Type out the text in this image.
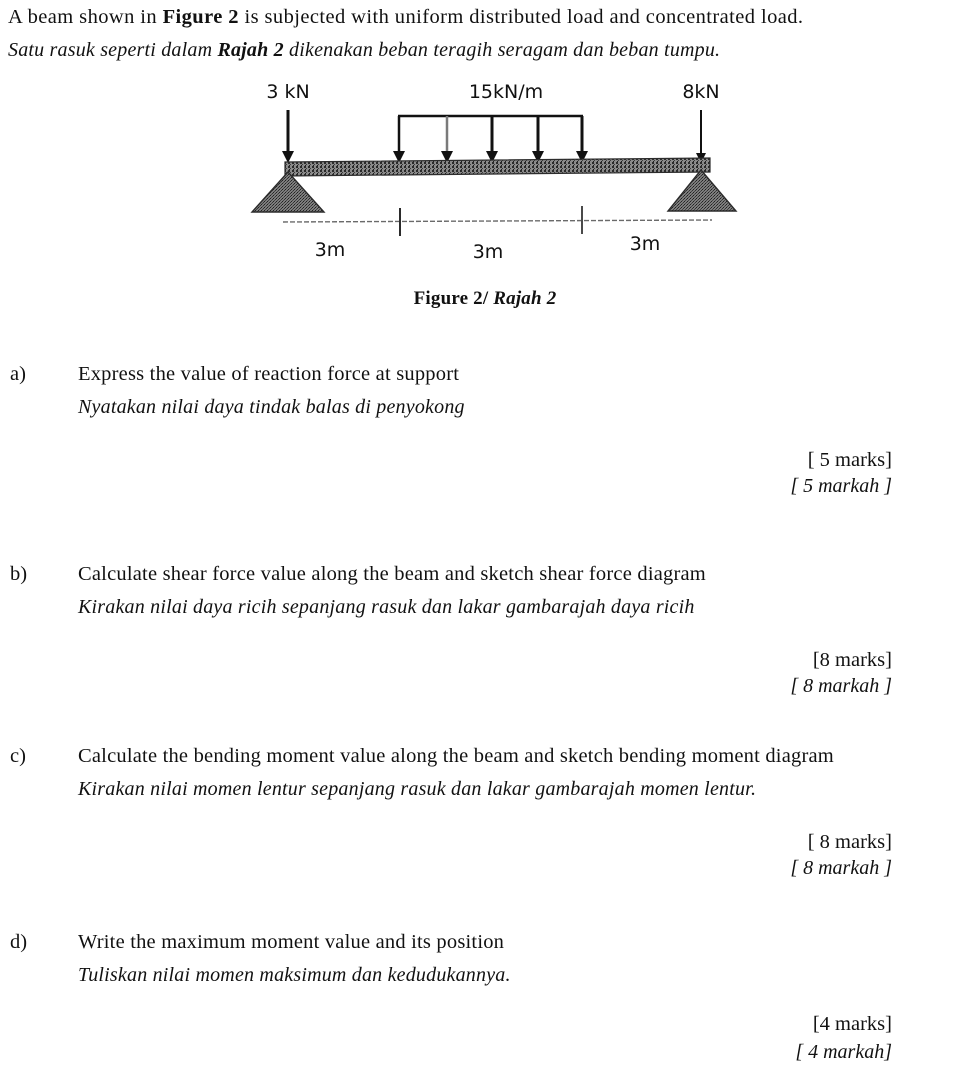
A beam shown in Figure 2 is subjected with uniform distributed load and concentrated load.
Satu rasuk seperti dalam Rajah 2 dikenakan beban teragih seragam dan beban tumpu.
3 kN	15kN/m	8kN
3m	3m	3m
Figure 2/ Rajah 2
a)	Express the value of reaction force at support
Nyatakan nilai daya tindak balas di penyokong
[ 5 marks]
[ 5 markah ]
b) Calculate shear force value along the beam and sketch shear force diagram
Kirakan nilai daya ricih sepanjang rasuk dan lakar gambarajah daya ricih
[8 marks]
[ 8 markah ]
c)	Calculate the bending moment value along the beam and sketch bending moment diagram
Kirakan nilai momen lentur sepanjang rasuk dan lakar gambarajah momen lentur.
[ 8 marks]
[ 8 markah ]
d) Write the maximum moment value and its position
Tuliskan nilai momen maksimum dan kedudukannya.
[4 marks]
[ 4 markah]
